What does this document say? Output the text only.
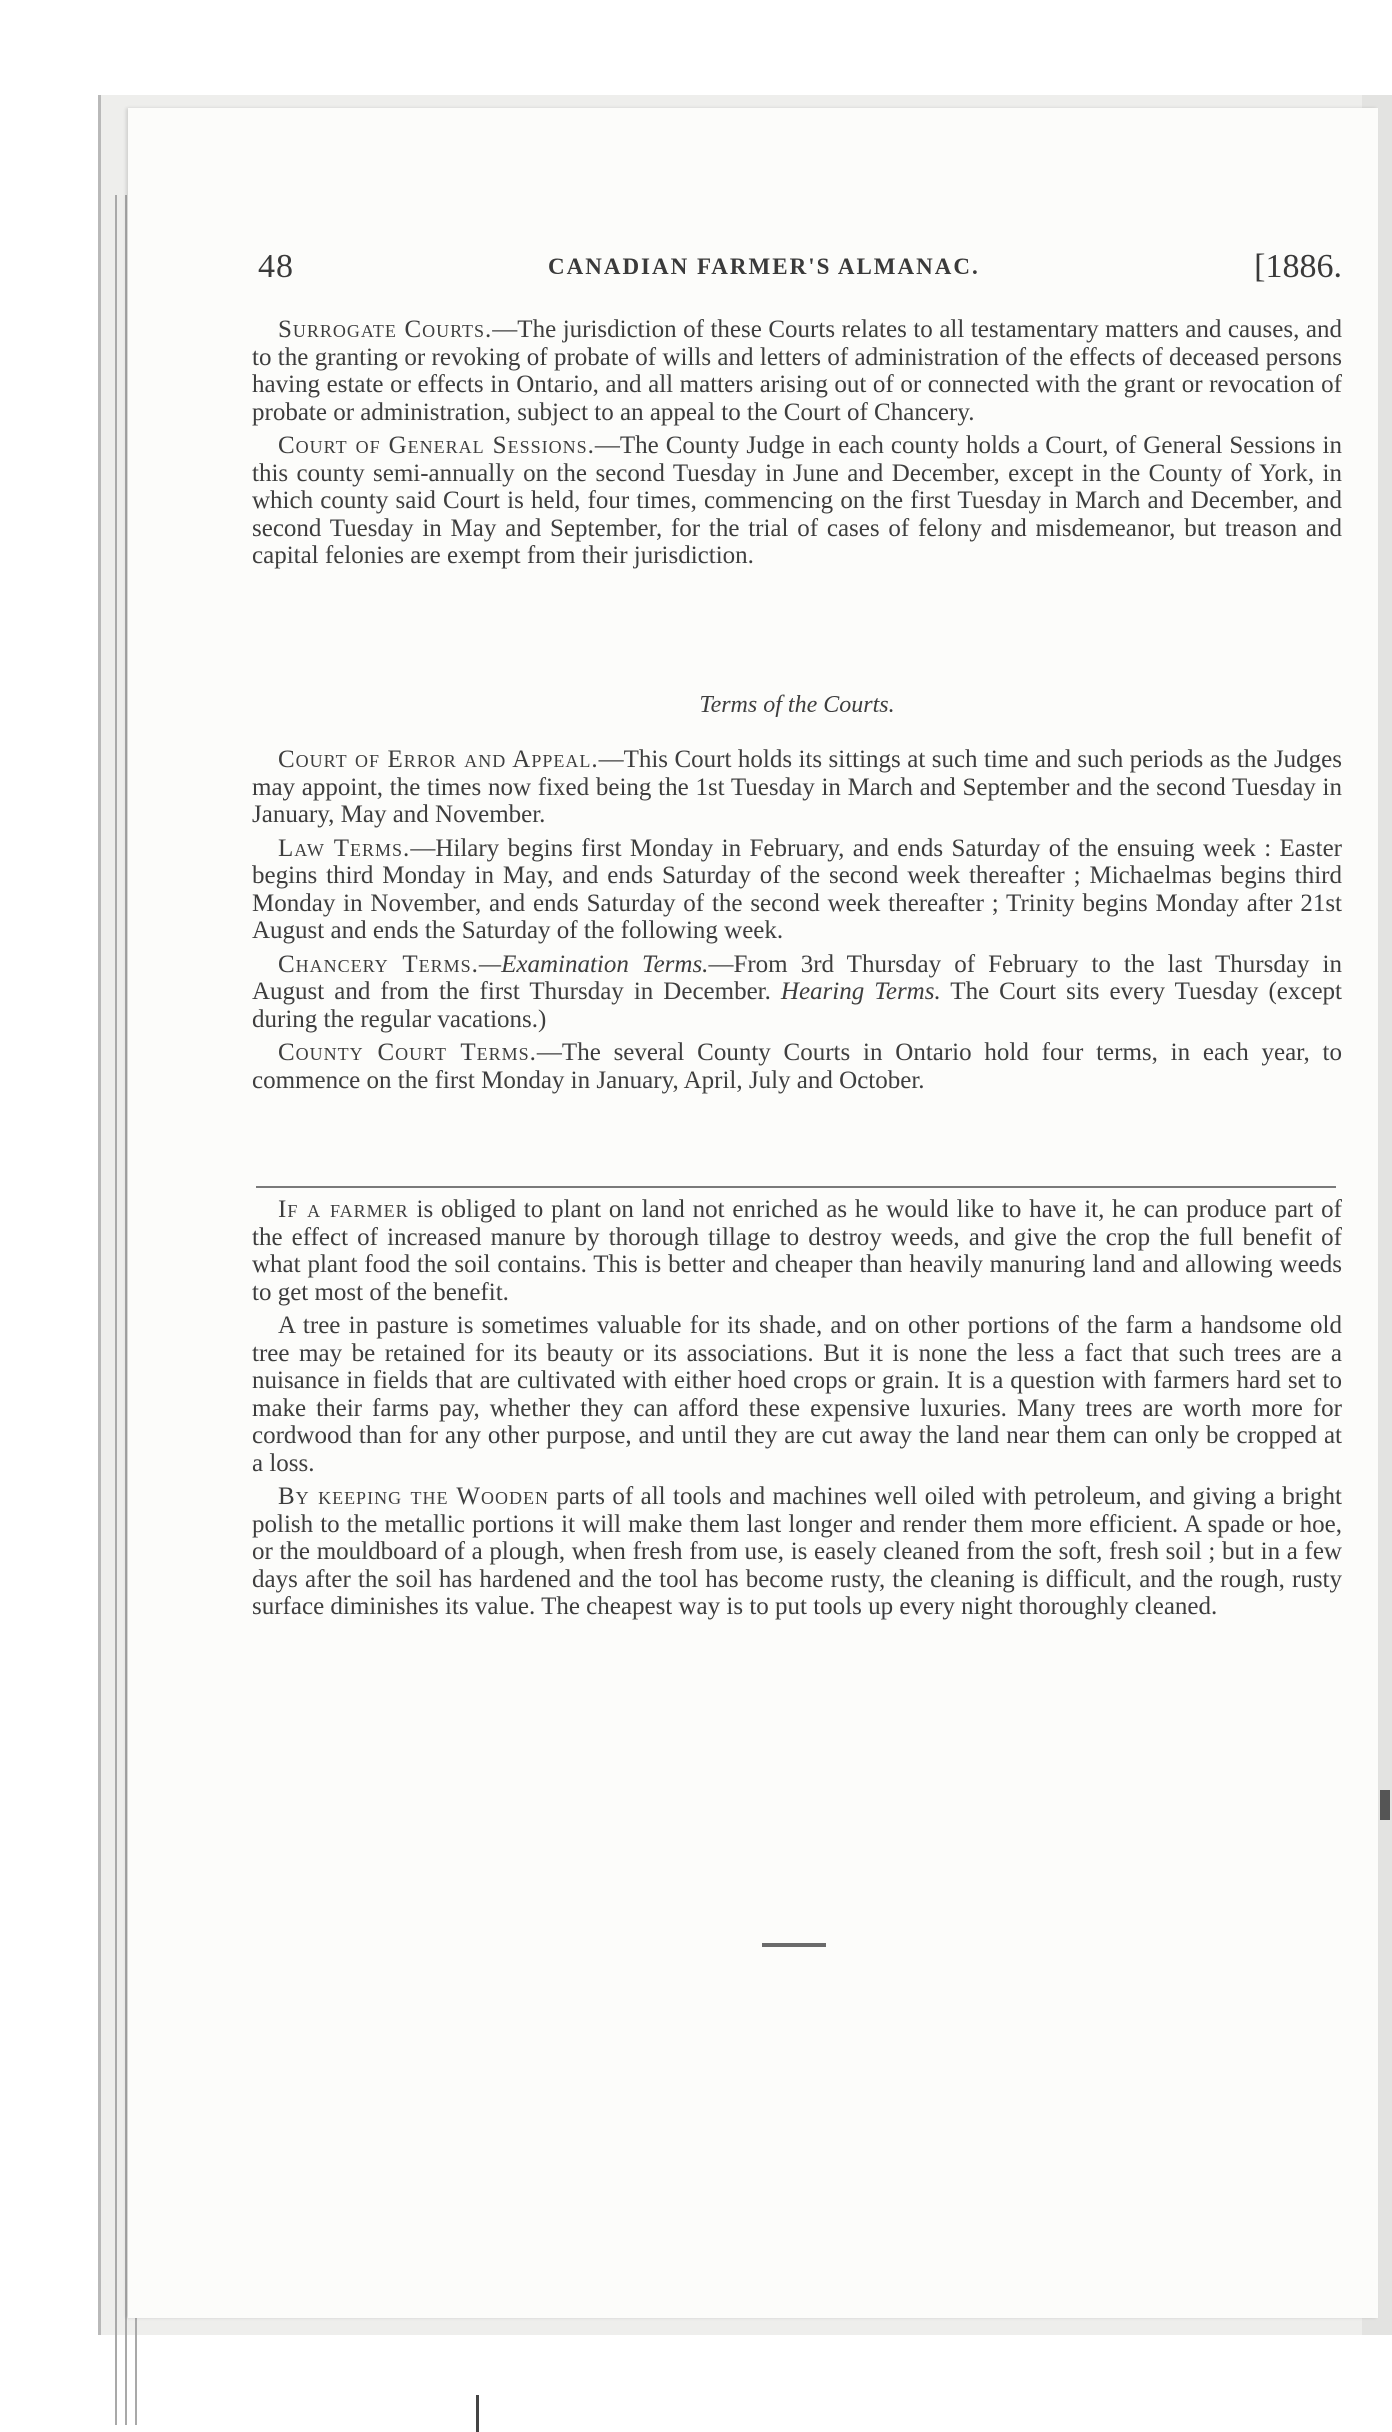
48	CANADIAN FARMER'S ALMANAC.	[1886.

Surrogate Courts.—The jurisdiction of these Courts relates to all testamentary matters and causes, and to the granting or revoking of probate of wills and letters of administration of the effects of deceased persons having estate or effects in Ontario, and all matters arising out of or connected with the grant or revocation of probate or administration, subject to an appeal to the Court of Chancery.

Court of General Sessions.—The County Judge in each county holds a Court, of General Sessions in this county semi-annually on the second Tuesday in June and December, except in the County of York, in which county said Court is held, four times, commencing on the first Tuesday in March and December, and second Tuesday in May and September, for the trial of cases of felony and misdemeanor, but treason and capital felonies are exempt from their jurisdiction.

Terms of the Courts.

Court of Error and Appeal.—This Court holds its sittings at such time and such periods as the Judges may appoint, the times now fixed being the 1st Tuesday in March and September and the second Tuesday in January, May and November.

Law Terms.—Hilary begins first Monday in February, and ends Saturday of the ensuing week : Easter begins third Monday in May, and ends Saturday of the second week thereafter ; Michaelmas begins third Monday in November, and ends Saturday of the second week thereafter ; Trinity begins Monday after 21st August and ends the Saturday of the following week.

Chancery Terms.—Examination Terms.—From 3rd Thursday of February to the last Thursday in August and from the first Thursday in December. Hearing Terms. The Court sits every Tuesday (except during the regular vacations.)

County Court Terms.—The several County Courts in Ontario hold four terms, in each year, to commence on the first Monday in January, April, July and October.

If a farmer is obliged to plant on land not enriched as he would like to have it, he can produce part of the effect of increased manure by thorough tillage to destroy weeds, and give the crop the full benefit of what plant food the soil contains. This is better and cheaper than heavily manuring land and allowing weeds to get most of the benefit.

A tree in pasture is sometimes valuable for its shade, and on other portions of the farm a handsome old tree may be retained for its beauty or its associations. But it is none the less a fact that such trees are a nuisance in fields that are cultivated with either hoed crops or grain. It is a question with farmers hard set to make their farms pay, whether they can afford these expensive luxuries. Many trees are worth more for cordwood than for any other purpose, and until they are cut away the land near them can only be cropped at a loss.

By keeping the Wooden parts of all tools and machines well oiled with petroleum, and giving a bright polish to the metallic portions it will make them last longer and render them more efficient. A spade or hoe, or the mouldboard of a plough, when fresh from use, is easely cleaned from the soft, fresh soil ; but in a few days after the soil has hardened and the tool has become rusty, the cleaning is difficult, and the rough, rusty surface diminishes its value. The cheapest way is to put tools up every night thoroughly cleaned.
